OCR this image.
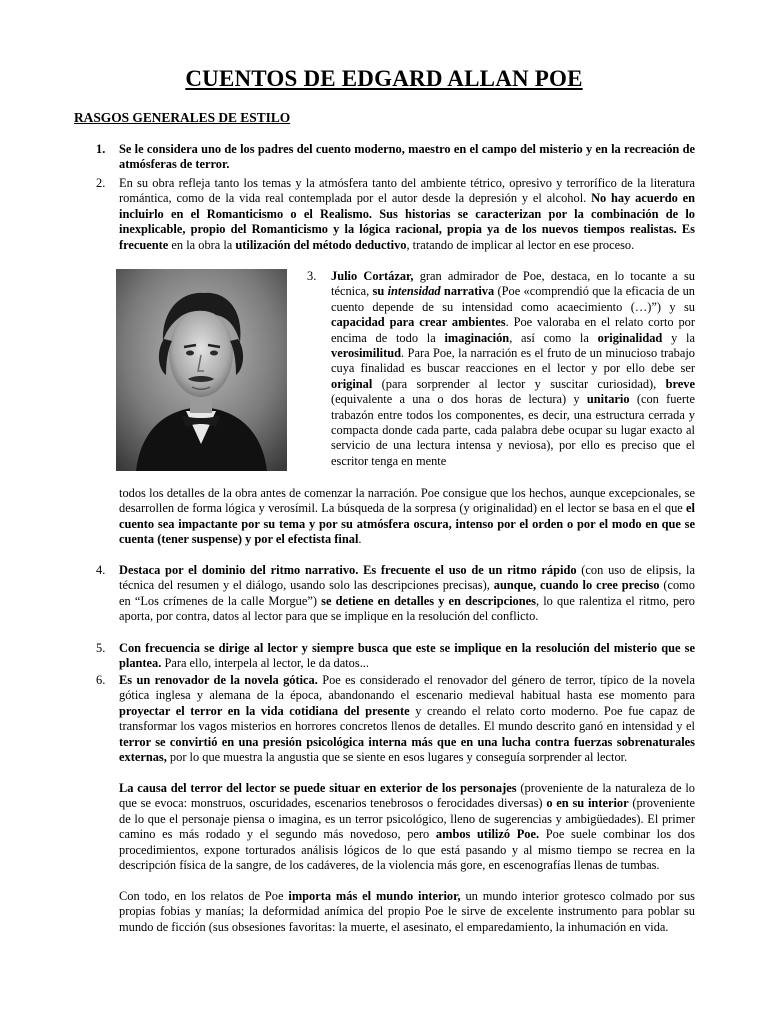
CUENTOS DE EDGARD ALLAN POE
RASGOS GENERALES DE ESTILO
1. Se le considera uno de los padres del cuento moderno, maestro en el campo del misterio y en la recreación de atmósferas de terror.
2. En su obra refleja tanto los temas y la atmósfera tanto del ambiente tétrico, opresivo y terrorífico de la literatura romántica, como de la vida real contemplada por el autor desde la depresión y el alcohol. No hay acuerdo en incluirlo en el Romanticismo o el Realismo. Sus historias se caracterizan por la combinación de lo inexplicable, propio del Romanticismo y la lógica racional, propia ya de los nuevos tiempos realistas. Es frecuente en la obra la utilización del método deductivo, tratando de implicar al lector en ese proceso.
3. Julio Cortázar, gran admirador de Poe, destaca, en lo tocante a su técnica, su intensidad narrativa (Poe «comprendió que la eficacia de un cuento depende de su intensidad como acaecimiento (…)”) y su capacidad para crear ambientes. Poe valoraba en el relato corto por encima de todo la imaginación, así como la originalidad y la verosimilitud. Para Poe, la narración es el fruto de un minucioso trabajo cuya finalidad es buscar reacciones en el lector y por ello debe ser original (para sorprender al lector y suscitar curiosidad), breve (equivalente a una o dos horas de lectura) y unitario (con fuerte trabazón entre todos los componentes, es decir, una estructura cerrada y compacta donde cada parte, cada palabra debe ocupar su lugar exacto al servicio de una lectura intensa y neviosa), por ello es preciso que el escritor tenga en mente
todos los detalles de la obra antes de comenzar la narración. Poe consigue que los hechos, aunque excepcionales, se desarrollen de forma lógica y verosímil. La búsqueda de la sorpresa (y originalidad) en el lector se basa en el que el cuento sea impactante por su tema y por su atmósfera oscura, intenso por el orden o por el modo en que se cuenta (tener suspense) y por el efectista final.
4. Destaca por el dominio del ritmo narrativo. Es frecuente el uso de un ritmo rápido (con uso de elipsis, la técnica del resumen y el diálogo, usando solo las descripciones precisas), aunque, cuando lo cree preciso (como en “Los crímenes de la calle Morgue”) se detiene en detalles y en descripciones, lo que ralentiza el ritmo, pero aporta, por contra, datos al lector para que se implique en la resolución del conflicto.
5. Con frecuencia se dirige al lector y siempre busca que este se implique en la resolución del misterio que se plantea. Para ello, interpela al lector, le da datos...
6. Es un renovador de la novela gótica. Poe es considerado el renovador del género de terror, típico de la novela gótica inglesa y alemana de la época, abandonando el escenario medieval habitual hasta ese momento para proyectar el terror en la vida cotidiana del presente y creando el relato corto moderno. Poe fue capaz de transformar los vagos misterios en horrores concretos llenos de detalles. El mundo descrito ganó en intensidad y el terror se convirtió en una presión psicológica interna más que en una lucha contra fuerzas sobrenaturales externas, por lo que muestra la angustia que se siente en esos lugares y conseguía sorprender al lector.
La causa del terror del lector se puede situar en exterior de los personajes (proveniente de la naturaleza de lo que se evoca: monstruos, oscuridades, escenarios tenebrosos o ferocidades diversas) o en su interior (proveniente de lo que el personaje piensa o imagina, es un terror psicológico, lleno de sugerencias y ambigüedades). El primer camino es más rodado y el segundo más novedoso, pero ambos utilizó Poe. Poe suele combinar los dos procedimientos, expone torturados análisis lógicos de lo que está pasando y al mismo tiempo se recrea en la descripción física de la sangre, de los cadáveres, de la violencia más gore, en escenografías llenas de tumbas.
Con todo, en los relatos de Poe importa más el mundo interior, un mundo interior grotesco colmado por sus propias fobias y manías; la deformidad anímica del propio Poe le sirve de excelente instrumento para poblar su mundo de ficción (sus obsesiones favoritas: la muerte, el asesinato, el emparedamiento, la inhumación en vida.
